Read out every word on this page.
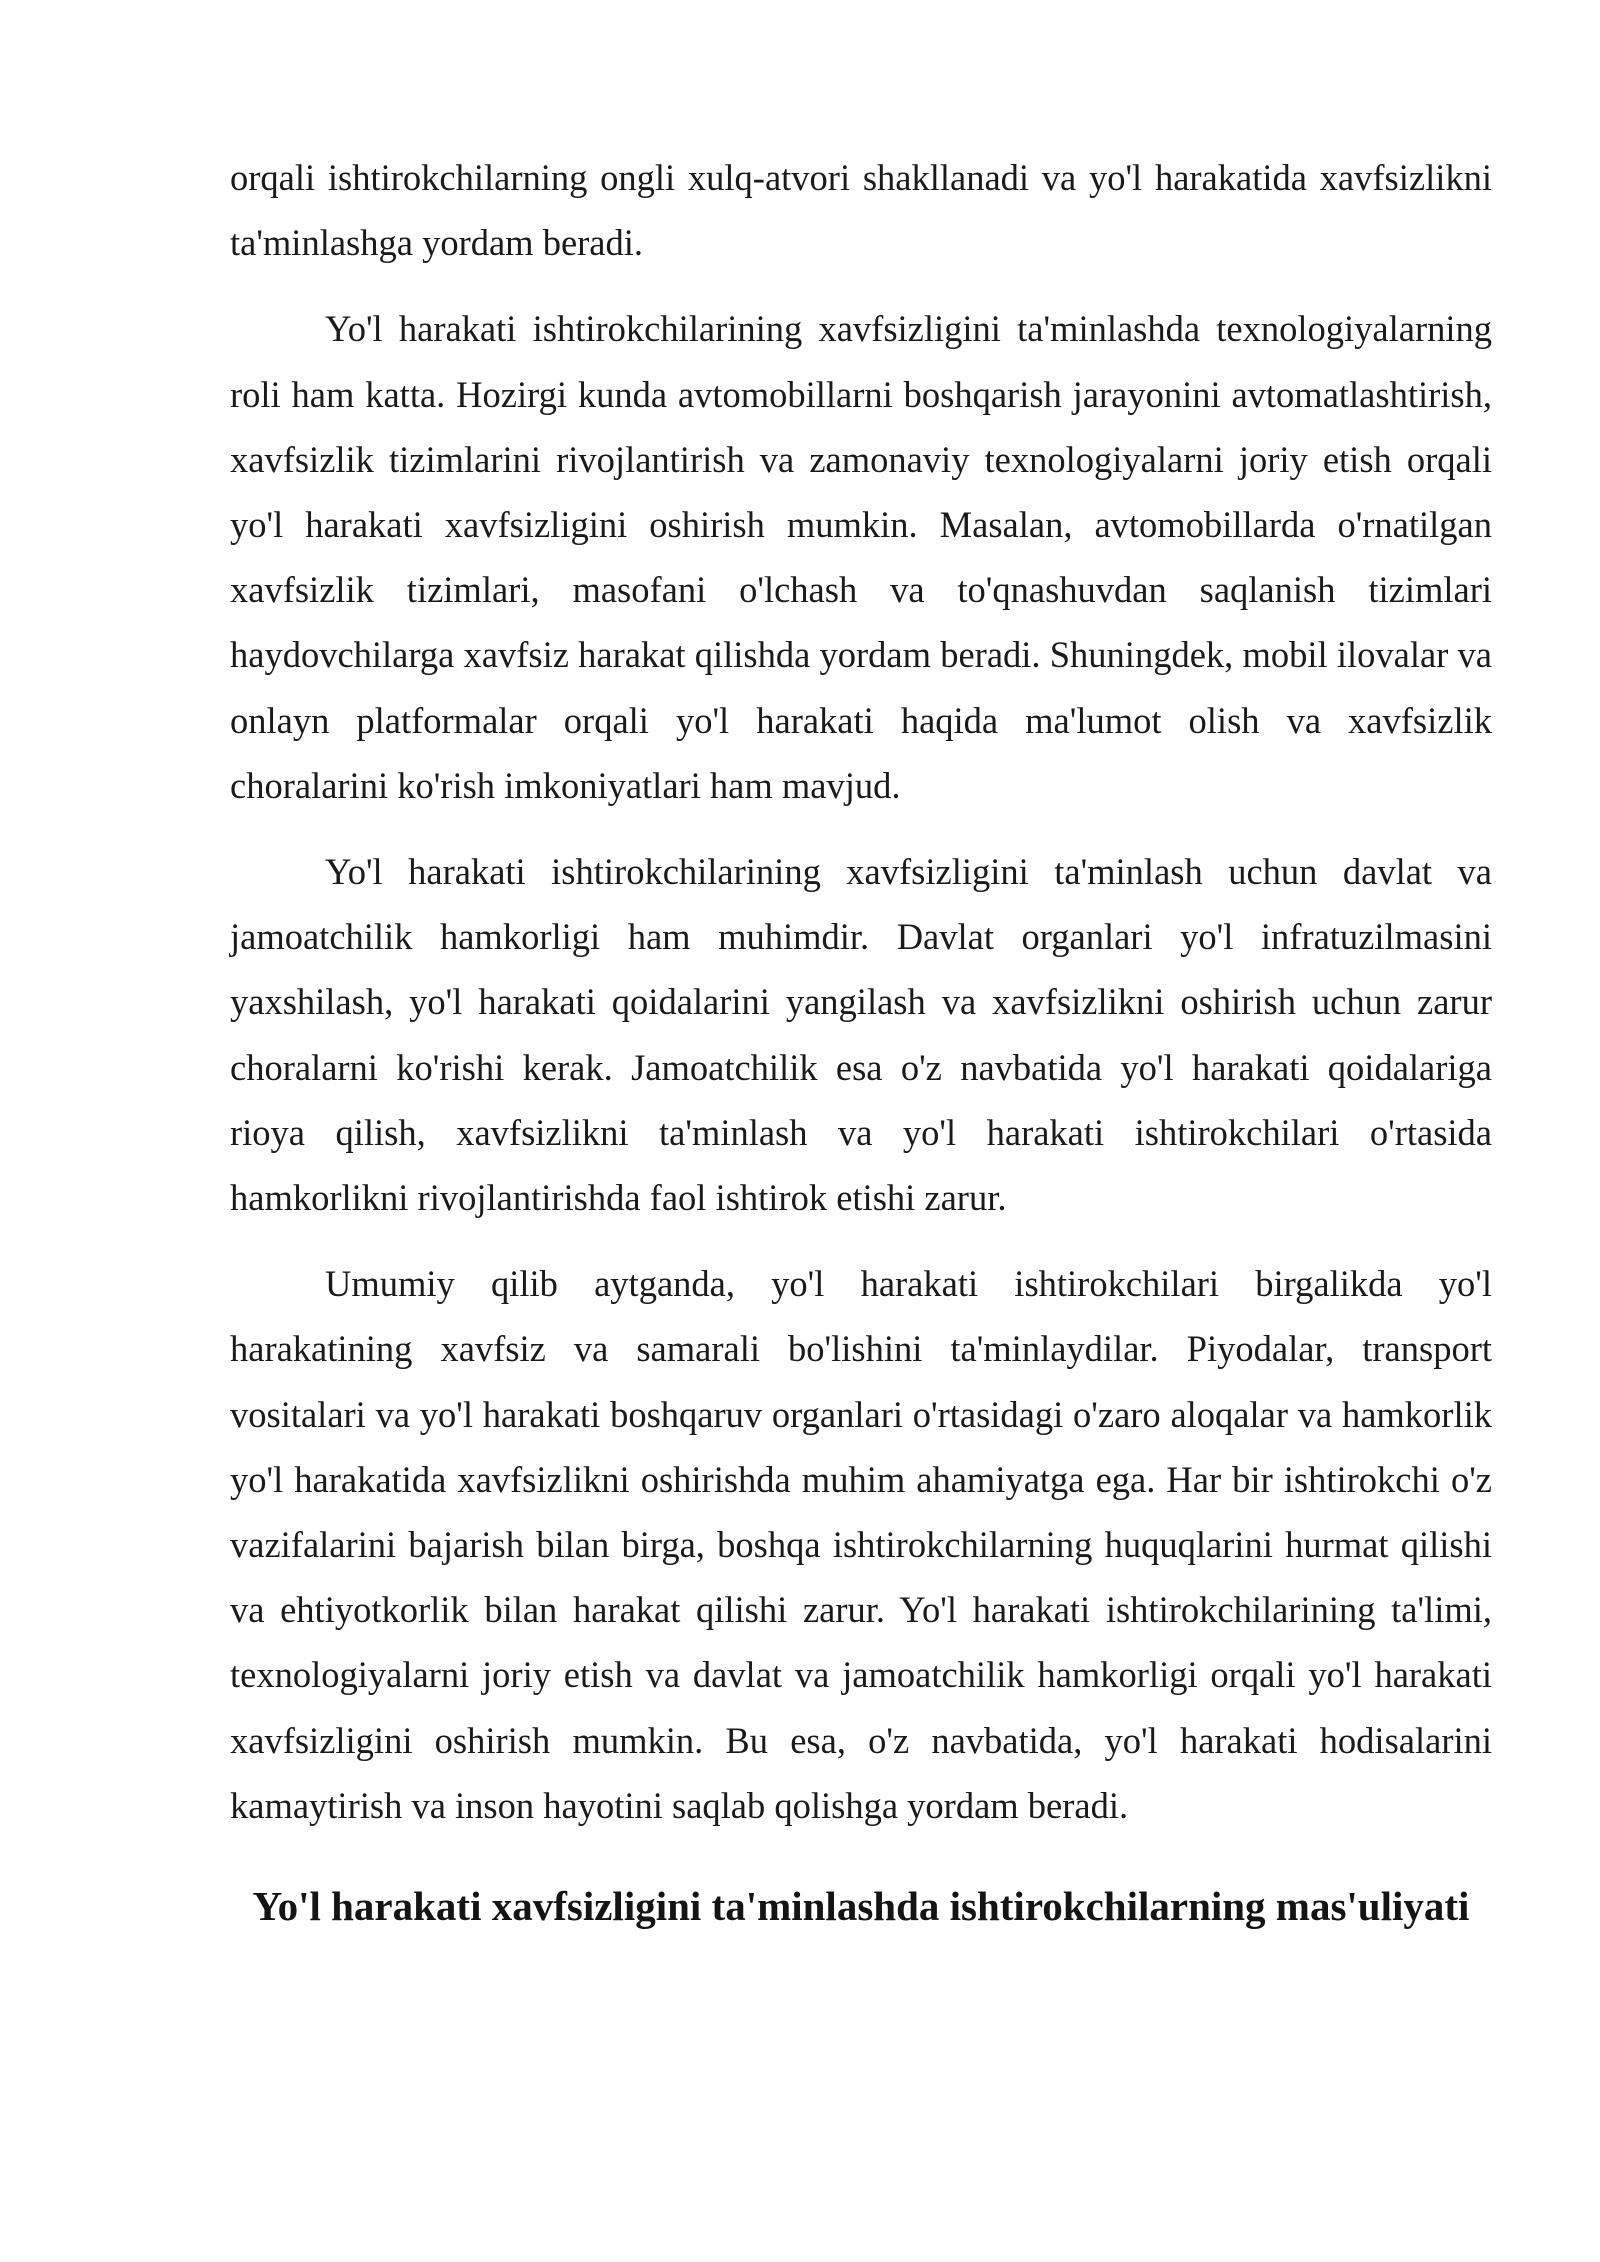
orqali ishtirokchilarning ongli xulq-atvori shakllanadi va yo'l harakatida xavfsizlikni ta'minlashga yordam beradi.

Yo'l harakati ishtirokchilarining xavfsizligini ta'minlashda texnologiyalarning roli ham katta. Hozirgi kunda avtomobillarni boshqarish jarayonini avtomatlashtirish, xavfsizlik tizimlarini rivojlantirish va zamonaviy texnologiyalarni joriy etish orqali yo'l harakati xavfsizligini oshirish mumkin. Masalan, avtomobillarda o'rnatilgan xavfsizlik tizimlari, masofani o'lchash va to'qnashuvdan saqlanish tizimlari haydovchilarga xavfsiz harakat qilishda yordam beradi. Shuningdek, mobil ilovalar va onlayn platformalar orqali yo'l harakati haqida ma'lumot olish va xavfsizlik choralarini ko'rish imkoniyatlari ham mavjud.

Yo'l harakati ishtirokchilarining xavfsizligini ta'minlash uchun davlat va jamoatchilik hamkorligi ham muhimdir. Davlat organlari yo'l infratuzilmasini yaxshilash, yo'l harakati qoidalarini yangilash va xavfsizlikni oshirish uchun zarur choralarni ko'rishi kerak. Jamoatchilik esa o'z navbatida yo'l harakati qoidalariga rioya qilish, xavfsizlikni ta'minlash va yo'l harakati ishtirokchilari o'rtasida hamkorlikni rivojlantirishda faol ishtirok etishi zarur.

Umumiy qilib aytganda, yo'l harakati ishtirokchilari birgalikda yo'l harakatining xavfsiz va samarali bo'lishini ta'minlaydilar. Piyodalar, transport vositalari va yo'l harakati boshqaruv organlari o'rtasidagi o'zaro aloqalar va hamkorlik yo'l harakatida xavfsizlikni oshirishda muhim ahamiyatga ega. Har bir ishtirokchi o'z vazifalarini bajarish bilan birga, boshqa ishtirokchilarning huquqlarini hurmat qilishi va ehtiyotkorlik bilan harakat qilishi zarur. Yo'l harakati ishtirokchilarining ta'limi, texnologiyalarni joriy etish va davlat va jamoatchilik hamkorligi orqali yo'l harakati xavfsizligini oshirish mumkin. Bu esa, o'z navbatida, yo'l harakati hodisalarini kamaytirish va inson hayotini saqlab qolishga yordam beradi.

Yo'l harakati xavfsizligini ta'minlashda ishtirokchilarning mas'uliyati
